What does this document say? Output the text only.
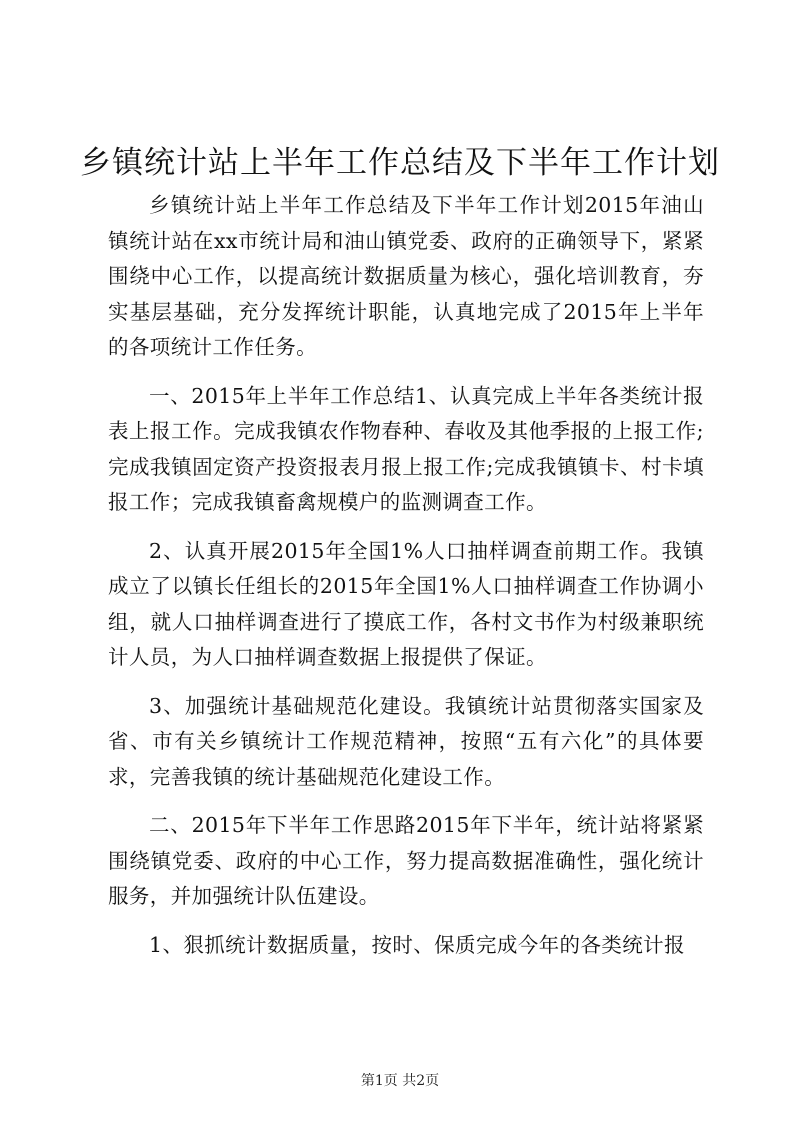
乡镇统计站上半年工作总结及下半年工作计划

乡镇统计站上半年工作总结及下半年工作计划2015年油山镇统计站在xx市统计局和油山镇党委、政府的正确领导下，紧紧围绕中心工作，以提高统计数据质量为核心，强化培训教育，夯实基层基础，充分发挥统计职能，认真地完成了2015年上半年的各项统计工作任务。

一、2015年上半年工作总结1、认真完成上半年各类统计报表上报工作。完成我镇农作物春种、春收及其他季报的上报工作;完成我镇固定资产投资报表月报上报工作;完成我镇镇卡、村卡填报工作；完成我镇畜禽规模户的监测调查工作。

2、认真开展2015年全国1%人口抽样调查前期工作。我镇成立了以镇长任组长的2015年全国1%人口抽样调查工作协调小组，就人口抽样调查进行了摸底工作，各村文书作为村级兼职统计人员，为人口抽样调查数据上报提供了保证。

3、加强统计基础规范化建设。我镇统计站贯彻落实国家及省、市有关乡镇统计工作规范精神，按照“五有六化”的具体要求，完善我镇的统计基础规范化建设工作。

二、2015年下半年工作思路2015年下半年，统计站将紧紧围绕镇党委、政府的中心工作，努力提高数据准确性，强化统计服务，并加强统计队伍建设。

1、狠抓统计数据质量，按时、保质完成今年的各类统计报

第1页 共2页
